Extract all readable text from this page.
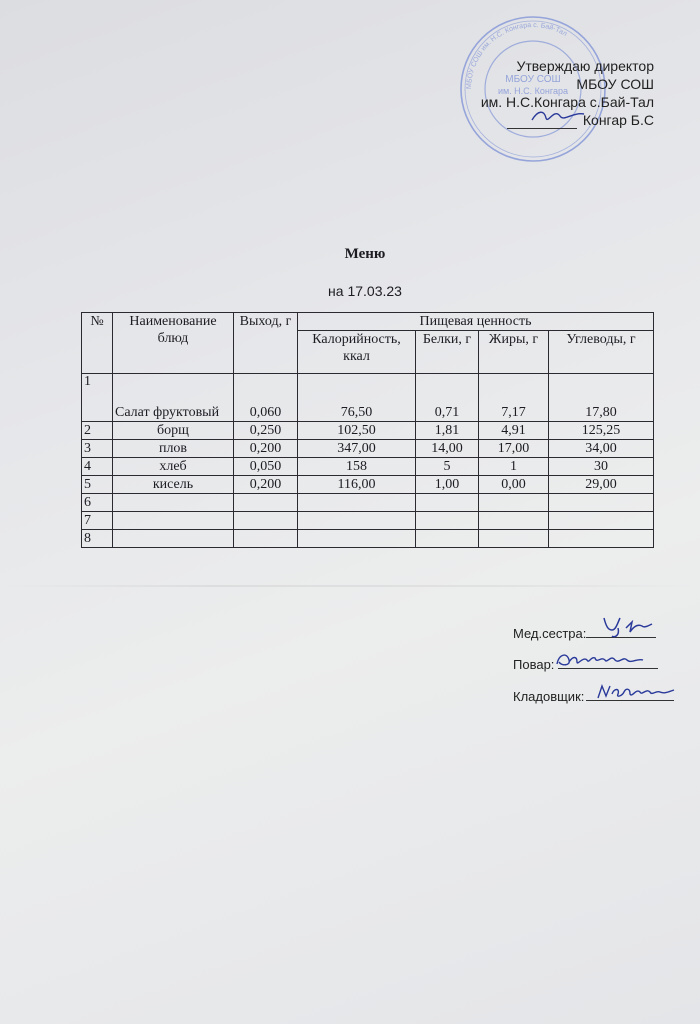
МБОУ СОШ им. Н.С. Конгара с. Бай-Тал
МБОУ СОШ
им. Н.С. Конгара
Утверждаю директор
МБОУ СОШ
им. Н.С.Конгара с.Бай-Тал
Конгар Б.С
Меню
на 17.03.23
№	Наименование блюд	Выход, г	Пищевая ценность			
			Калорийность, ккал	Белки, г	Жиры, г	Углеводы, г
1	Салат фруктовый	0,060	76,50	0,71	7,17	17,80
2	борщ	0,250	102,50	1,81	4,91	125,25
3	плов	0,200	347,00	14,00	17,00	34,00
4	хлеб	0,050	158	5	1	30
5	кисель	0,200	116,00	1,00	0,00	29,00
6						
7						
8						
Мед.сестра:
Повар:
Кладовщик:
